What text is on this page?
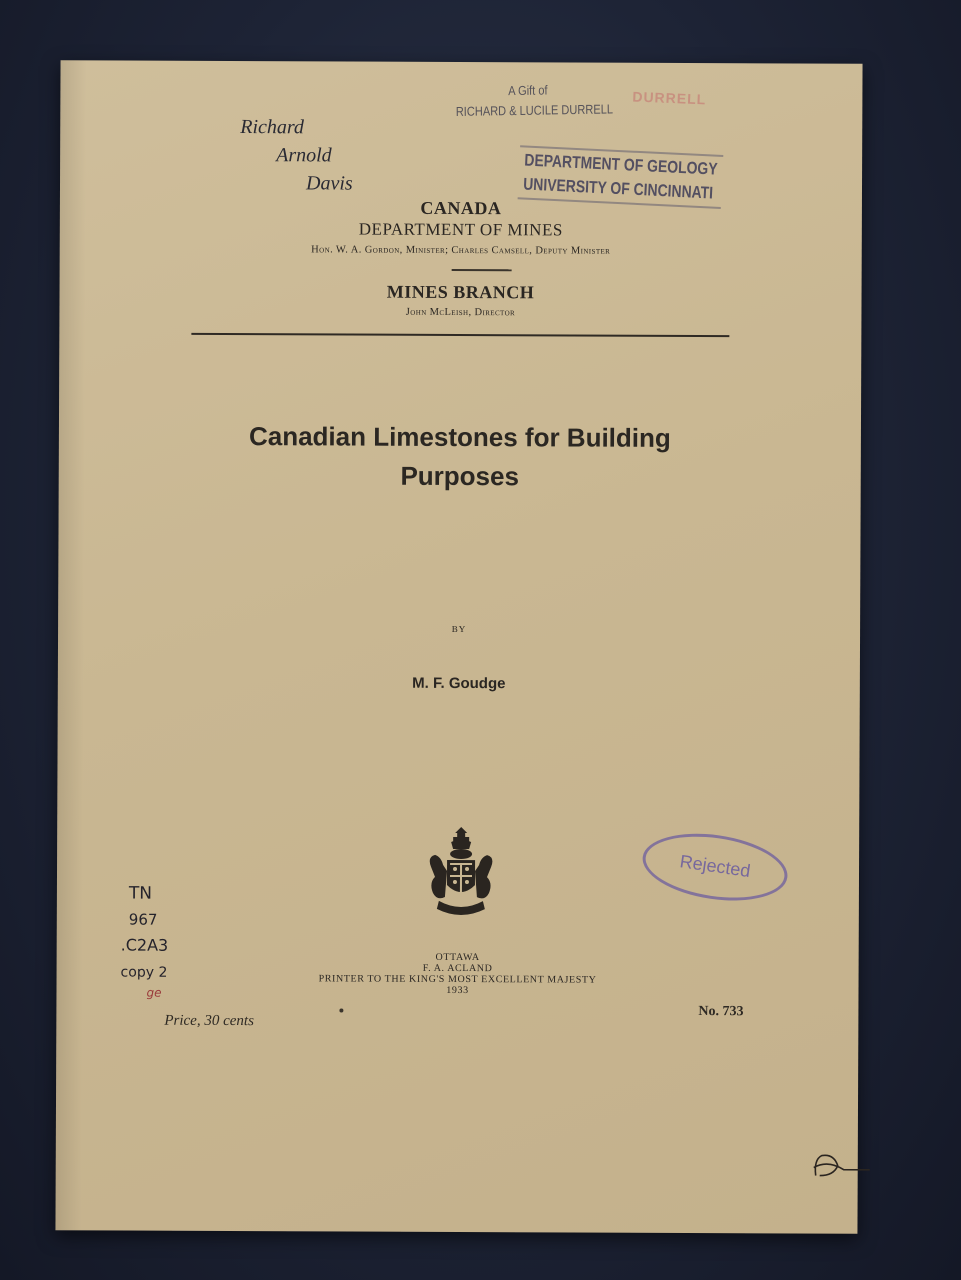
Richard
Arnold
Davis
A Gift of
RICHARD & LUCILE DURRELL
DURRELL
DEPARTMENT OF GEOLOGY
UNIVERSITY OF CINCINNATI
CANADA
DEPARTMENT OF MINES
Hon. W. A. Gordon, Minister; Charles Camsell, Deputy Minister
MINES BRANCH
John McLeish, Director
Canadian Limestones for Building
Purposes
BY
M. F. Goudge
Rejected
TN
967
.C2A3
copy 2
ge
OTTAWA
F. A. ACLAND
PRINTER TO THE KING'S MOST EXCELLENT MAJESTY
1933
Price, 30 cents
No. 733
